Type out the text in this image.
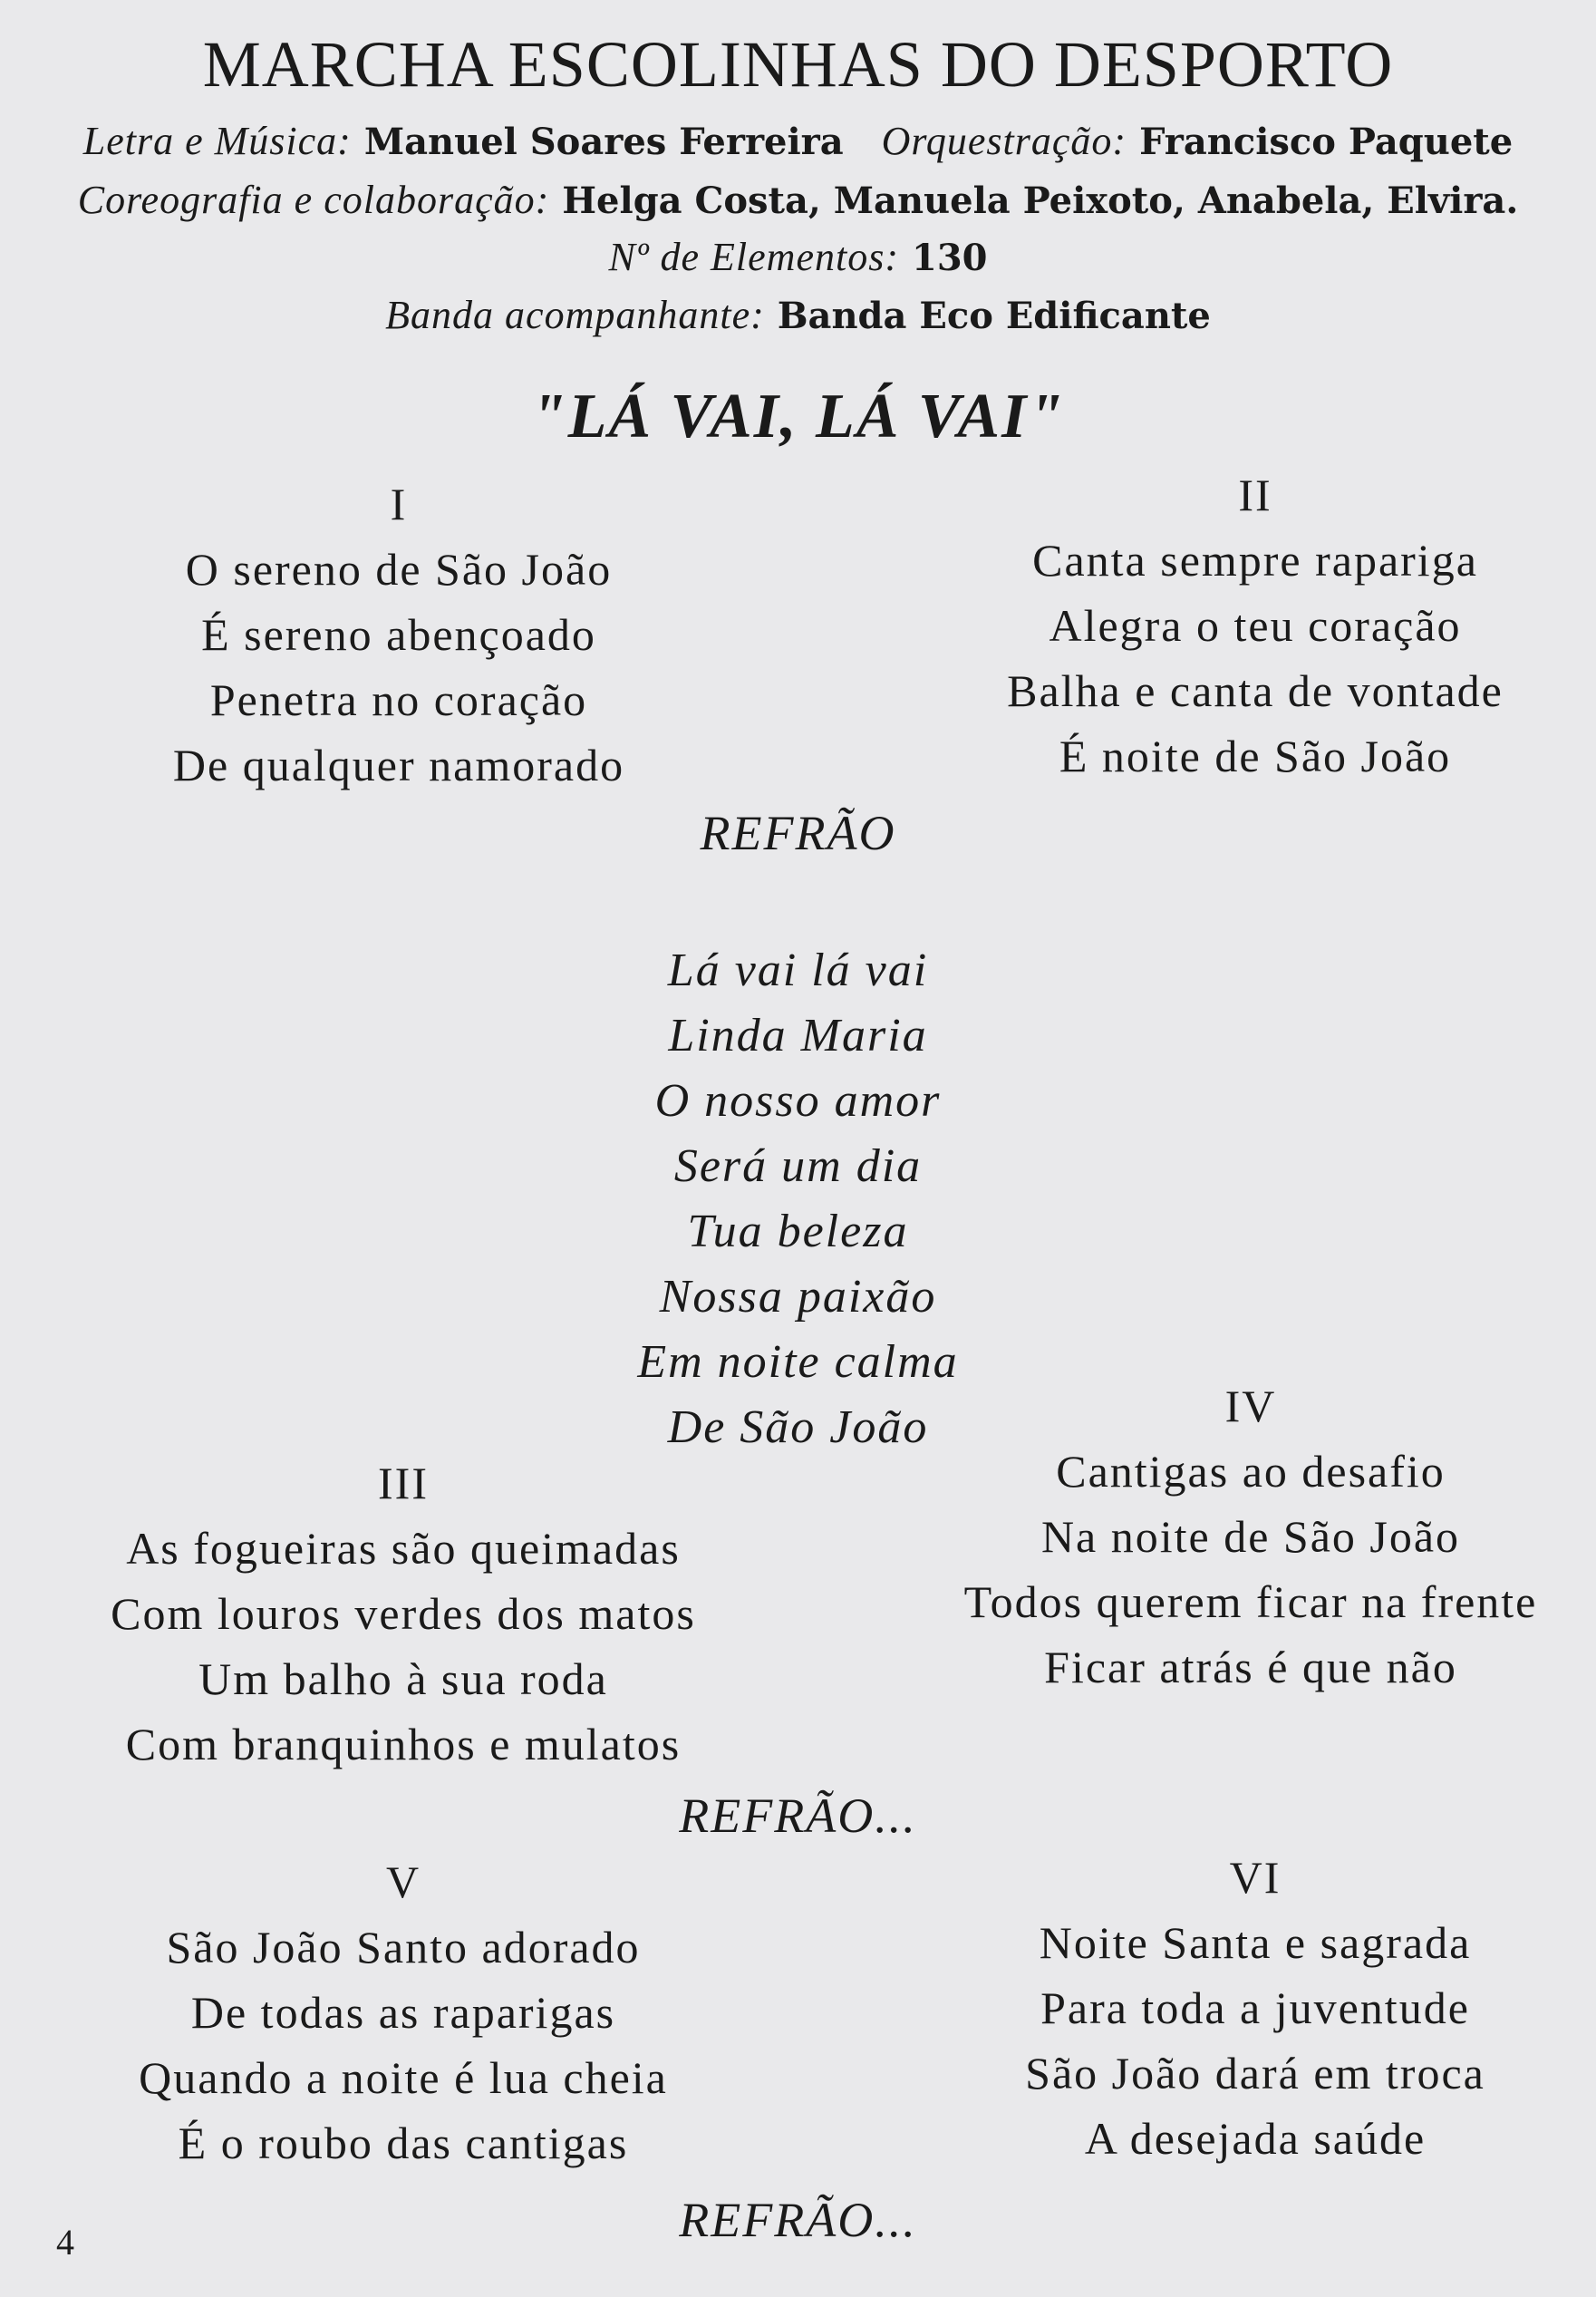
MARCHA ESCOLINHAS DO DESPORTO
Letra e Música: Manuel Soares Ferreira Orquestração: Francisco Paquete
Coreografia e colaboração: Helga Costa, Manuela Peixoto, Anabela, Elvira.
Nº de Elementos: 130
Banda acompanhante: Banda Eco Edificante
"LÁ VAI, LÁ VAI"
I
O sereno de São João
É sereno abençoado
Penetra no coração
De qualquer namorado
II
Canta sempre rapariga
Alegra o teu coração
Balha e canta de vontade
É noite de São João
REFRÃO
Lá vai lá vai
Linda Maria
O nosso amor
Será um dia
Tua beleza
Nossa paixão
Em noite calma
De São João
III
As fogueiras são queimadas
Com louros verdes dos matos
Um balho à sua roda
Com branquinhos e mulatos
IV
Cantigas ao desafio
Na noite de São João
Todos querem ficar na frente
Ficar atrás é que não
REFRÃO...
V
São João Santo adorado
De todas as raparigas
Quando a noite é lua cheia
É o roubo das cantigas
VI
Noite Santa e sagrada
Para toda a juventude
São João dará em troca
A desejada saúde
REFRÃO...
4
